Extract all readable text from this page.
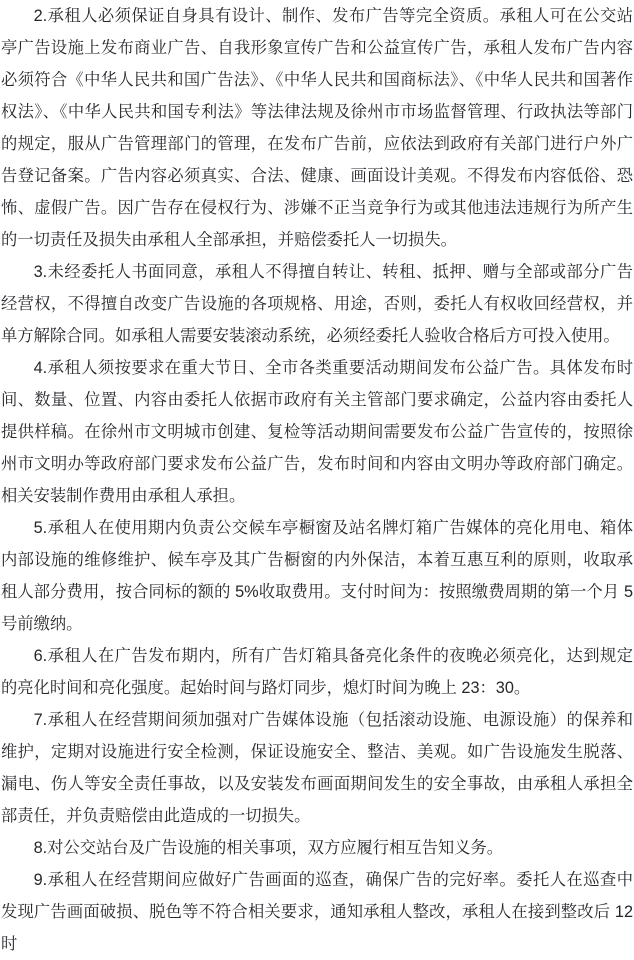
2.承租人必须保证自身具有设计、制作、发布广告等完全资质。承租人可在公交站亭广告设施上发布商业广告、自我形象宣传广告和公益宣传广告，承租人发布广告内容必须符合《中华人民共和国广告法》、《中华人民共和国商标法》、《中华人民共和国著作权法》、《中华人民共和国专利法》等法律法规及徐州市市场监督管理、行政执法等部门的规定，服从广告管理部门的管理，在发布广告前，应依法到政府有关部门进行户外广告登记备案。广告内容必须真实、合法、健康、画面设计美观。不得发布内容低俗、恐怖、虚假广告。因广告存在侵权行为、涉嫌不正当竞争行为或其他违法违规行为所产生的一切责任及损失由承租人全部承担，并赔偿委托人一切损失。

3.未经委托人书面同意，承租人不得擅自转让、转租、抵押、赠与全部或部分广告经营权，不得擅自改变广告设施的各项规格、用途，否则，委托人有权收回经营权，并单方解除合同。如承租人需要安装滚动系统，必须经委托人验收合格后方可投入使用。

4.承租人须按要求在重大节日、全市各类重要活动期间发布公益广告。具体发布时间、数量、位置、内容由委托人依据市政府有关主管部门要求确定，公益内容由委托人提供样稿。在徐州市文明城市创建、复检等活动期间需要发布公益广告宣传的，按照徐州市文明办等政府部门要求发布公益广告，发布时间和内容由文明办等政府部门确定。相关安装制作费用由承租人承担。

5.承租人在使用期内负责公交候车亭橱窗及站名牌灯箱广告媒体的亮化用电、箱体内部设施的维修维护、候车亭及其广告橱窗的内外保洁，本着互惠互利的原则，收取承租人部分费用，按合同标的额的 5%收取费用。支付时间为：按照缴费周期的第一个月 5 号前缴纳。

6.承租人在广告发布期内，所有广告灯箱具备亮化条件的夜晚必须亮化，达到规定的亮化时间和亮化强度。起始时间与路灯同步，熄灯时间为晚上 23：30。

7.承租人在经营期间须加强对广告媒体设施（包括滚动设施、电源设施）的保养和维护，定期对设施进行安全检测，保证设施安全、整洁、美观。如广告设施发生脱落、漏电、伤人等安全责任事故，以及安装发布画面期间发生的安全事故，由承租人承担全部责任，并负责赔偿由此造成的一切损失。

8.对公交站台及广告设施的相关事项，双方应履行相互告知义务。

9.承租人在经营期间应做好广告画面的巡查，确保广告的完好率。委托人在巡查中发现广告画面破损、脱色等不符合相关要求，通知承租人整改，承租人在接到整改后 12 时
